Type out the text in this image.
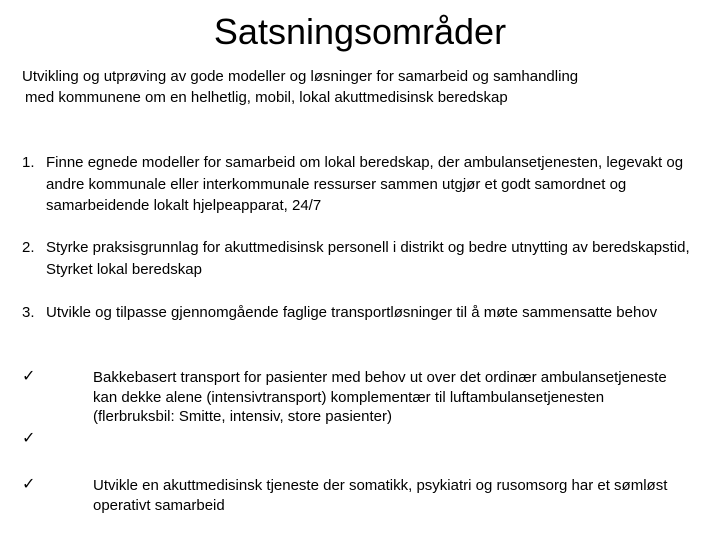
Satsningsområder
Utvikling og utprøving av gode modeller og løsninger for samarbeid og samhandling
med kommunene om en helhetlig, mobil, lokal akuttmedisinsk beredskap
1. Finne egnede modeller for samarbeid om lokal beredskap, der ambulansetjenesten, legevakt og andre kommunale eller interkommunale ressurser sammen utgjør et godt samordnet og samarbeidende lokalt hjelpeapparat, 24/7
2. Styrke praksisgrunnlag for akuttmedisinsk personell i distrikt og bedre utnytting av beredskapstid, Styrket lokal beredskap
3. Utvikle og tilpasse gjennomgående faglige transportløsninger til å møte sammensatte behov
✓
✓
✓
Bakkebasert transport for pasienter med behov ut over det ordinær ambulansetjeneste kan dekke alene (intensivtransport) komplementær til luftambulansetjenesten
(flerbruksbil: Smitte, intensiv, store pasienter)
Utvikle en akuttmedisinsk tjeneste der somatikk, psykiatri og rusomsorg har et sømløst operativt samarbeid
